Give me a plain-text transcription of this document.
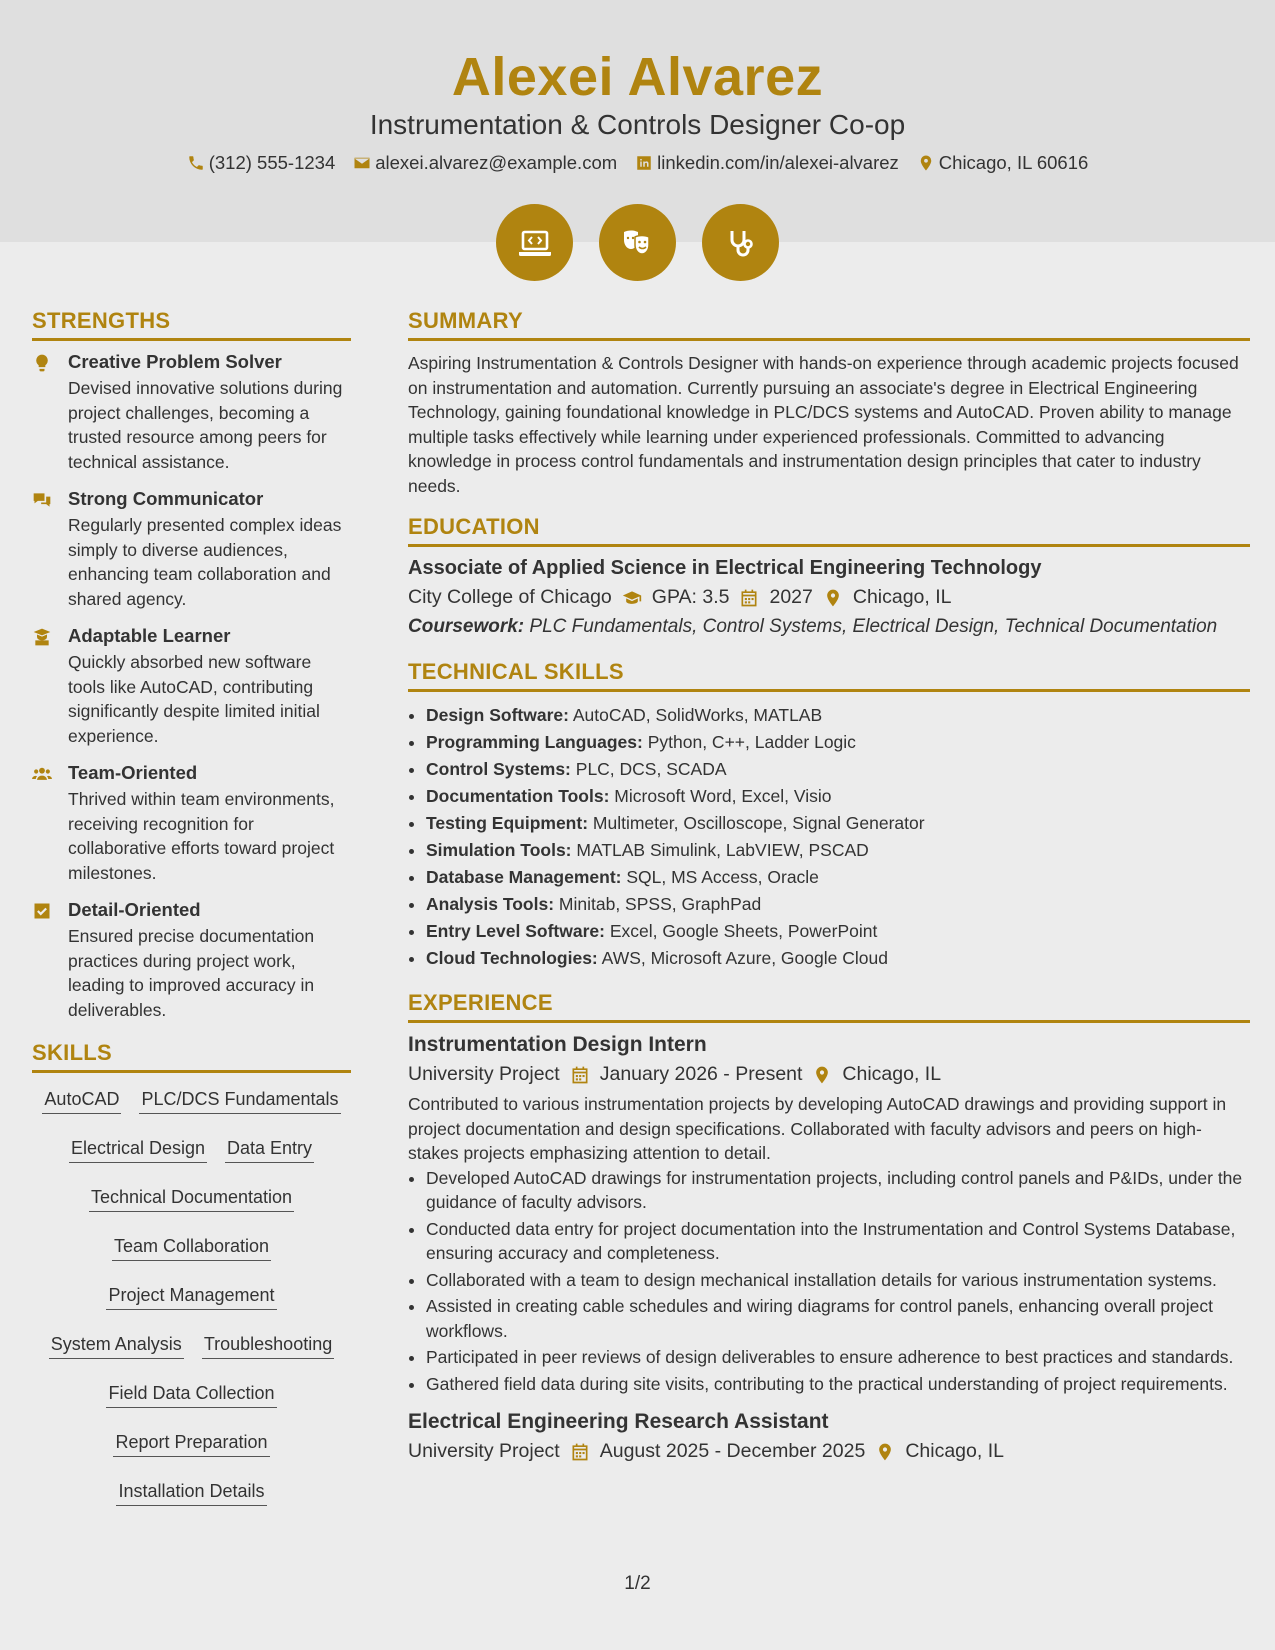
Alexei Alvarez
Instrumentation & Controls Designer Co-op
(312) 555-1234 alexei.alvarez@example.com linkedin.com/in/alexei-alvarez Chicago, IL 60616
STRENGTHS
Creative Problem Solver

Devised innovative solutions during project challenges, becoming a trusted resource among peers for technical assistance.

Strong Communicator

Regularly presented complex ideas simply to diverse audiences, enhancing team collaboration and shared agency.

Adaptable Learner

Quickly absorbed new software tools like AutoCAD, contributing significantly despite limited initial experience.

Team-Oriented

Thrived within team environments, receiving recognition for collaborative efforts toward project milestones.

Detail-Oriented

Ensured precise documentation practices during project work, leading to improved accuracy in deliverables.

SKILLS
AutoCAD PLC/DCS Fundamentals
Electrical Design Data Entry
Technical Documentation
Team Collaboration
Project Management
System Analysis Troubleshooting
Field Data Collection
Report Preparation
Installation Details
SUMMARY

Aspiring Instrumentation & Controls Designer with hands-on experience through academic projects focused on instrumentation and automation. Currently pursuing an associate's degree in Electrical Engineering Technology, gaining foundational knowledge in PLC/DCS systems and AutoCAD. Proven ability to manage multiple tasks effectively while learning under experienced professionals. Committed to advancing knowledge in process control fundamentals and instrumentation design principles that cater to industry needs.

EDUCATION
Associate of Applied Science in Electrical Engineering Technology
City College of Chicago GPA: 3.5 2027 Chicago, IL
Coursework: PLC Fundamentals, Control Systems, Electrical Design, Technical Documentation
TECHNICAL SKILLS
• Design Software: AutoCAD, SolidWorks, MATLAB
• Programming Languages: Python, C++, Ladder Logic
• Control Systems: PLC, DCS, SCADA
• Documentation Tools: Microsoft Word, Excel, Visio
• Testing Equipment: Multimeter, Oscilloscope, Signal Generator
• Simulation Tools: MATLAB Simulink, LabVIEW, PSCAD
• Database Management: SQL, MS Access, Oracle
• Analysis Tools: Minitab, SPSS, GraphPad
• Entry Level Software: Excel, Google Sheets, PowerPoint
• Cloud Technologies: AWS, Microsoft Azure, Google Cloud
EXPERIENCE
Instrumentation Design Intern
University Project January 2026 - Present Chicago, IL

Contributed to various instrumentation projects by developing AutoCAD drawings and providing support in project documentation and design specifications. Collaborated with faculty advisors and peers on high-stakes projects emphasizing attention to detail.

• Developed AutoCAD drawings for instrumentation projects, including control panels and P&IDs, under the guidance of faculty advisors.
• Conducted data entry for project documentation into the Instrumentation and Control Systems Database, ensuring accuracy and completeness.
• Collaborated with a team to design mechanical installation details for various instrumentation systems.
• Assisted in creating cable schedules and wiring diagrams for control panels, enhancing overall project workflows.
• Participated in peer reviews of design deliverables to ensure adherence to best practices and standards.
• Gathered field data during site visits, contributing to the practical understanding of project requirements.
Electrical Engineering Research Assistant
University Project August 2025 - December 2025 Chicago, IL
1/2
